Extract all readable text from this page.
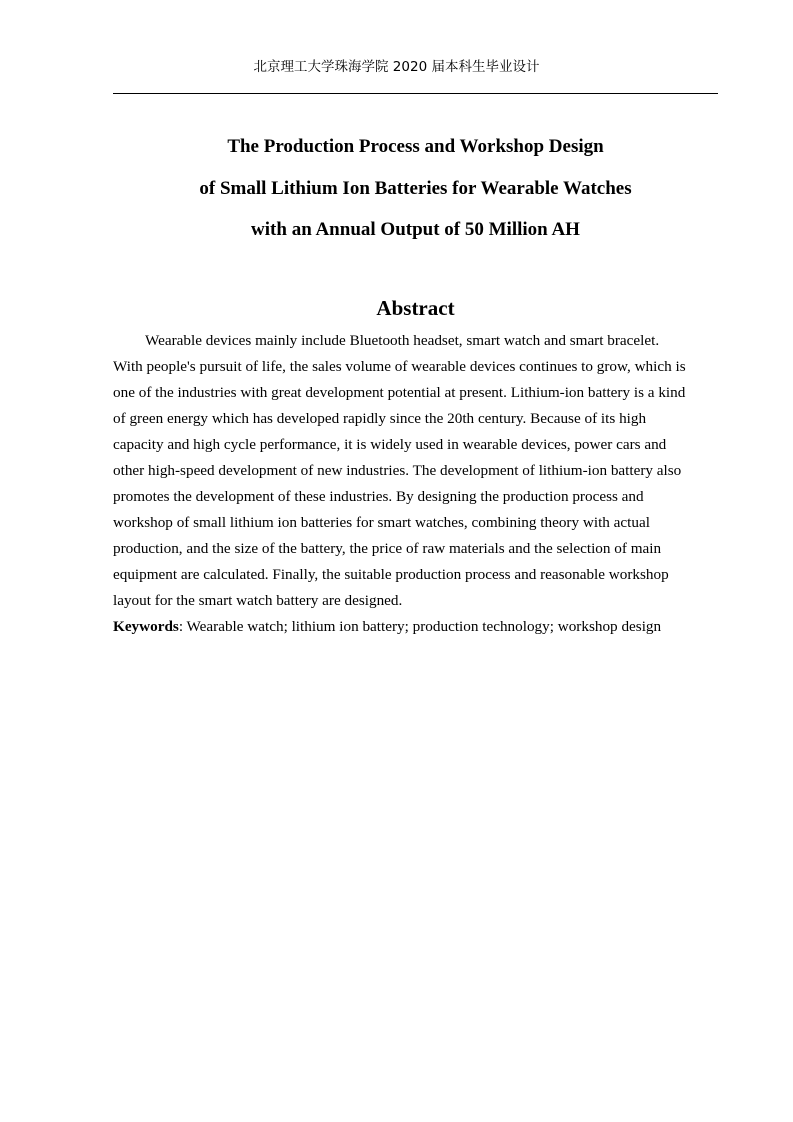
北京理工大学珠海学院 2020 届本科生毕业设计
The Production Process and Workshop Design
of Small Lithium Ion Batteries for Wearable Watches
with an Annual Output of 50 Million AH
Abstract
Wearable devices mainly include Bluetooth headset, smart watch and smart bracelet.
With people's pursuit of life, the sales volume of wearable devices continues to grow, which is
one of the industries with great development potential at present. Lithium-ion battery is a kind
of green energy which has developed rapidly since the 20th century. Because of its high
capacity and high cycle performance, it is widely used in wearable devices, power cars and
other high-speed development of new industries. The development of lithium-ion battery also
promotes the development of these industries. By designing the production process and
workshop of small lithium ion batteries for smart watches, combining theory with actual
production, and the size of the battery, the price of raw materials and the selection of main
equipment are calculated. Finally, the suitable production process and reasonable workshop
layout for the smart watch battery are designed.
Keywords: Wearable watch; lithium ion battery; production technology; workshop design
